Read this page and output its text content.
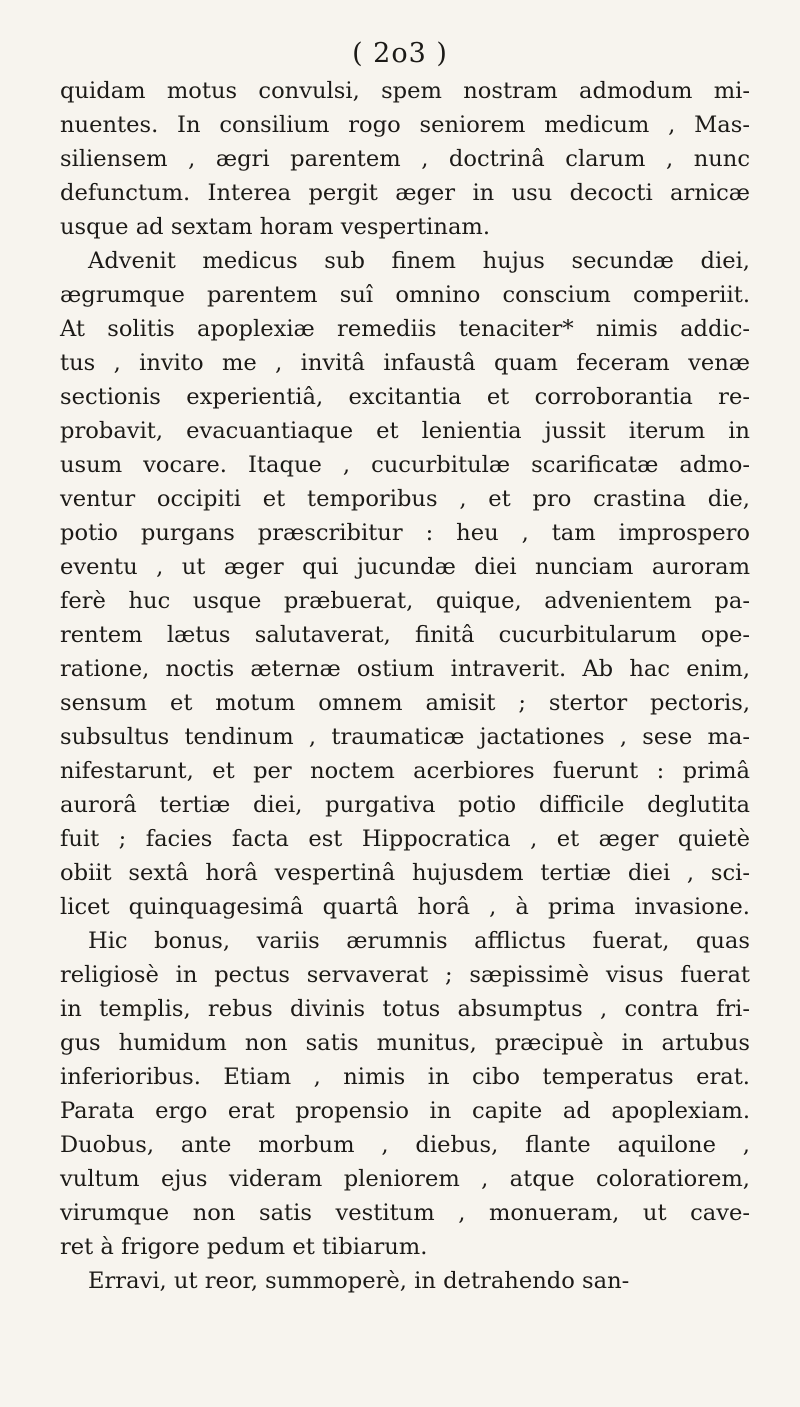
( 2o3 )
quidam motus convulsi, spem nostram admodum mi-
nuentes. In consilium rogo seniorem medicum , Mas-
siliensem , ægri parentem , doctrinâ clarum , nunc
defunctum. Interea pergit æger in usu decocti arnicæ
usque ad sextam horam vespertinam.
Advenit medicus sub finem hujus secundæ diei,
ægrumque parentem suî omnino conscium comperiit.
At solitis apoplexiæ remediis tenaciter* nimis addic-
tus , invito me , invitâ infaustâ quam feceram venæ
sectionis experientiâ, excitantia et corroborantia re-
probavit, evacuantiaque et lenientia jussit iterum in
usum vocare. Itaque , cucurbitulæ scarificatæ admo-
ventur occipiti et temporibus , et pro crastina die,
potio purgans præscribitur : heu , tam improspero
eventu , ut æger qui jucundæ diei nunciam auroram
ferè huc usque præbuerat, quique, advenientem pa-
rentem lætus salutaverat, finitâ cucurbitularum ope-
ratione, noctis æternæ ostium intraverit. Ab hac enim,
sensum et motum omnem amisit ; stertor pectoris,
subsultus tendinum , traumaticæ jactationes , sese ma-
nifestarunt, et per noctem acerbiores fuerunt : primâ
aurorâ tertiæ diei, purgativa potio difficile deglutita
fuit ; facies facta est Hippocratica , et æger quietè
obiit sextâ horâ vespertinâ hujusdem tertiæ diei , sci-
licet quinquagesimâ quartâ horâ , à prima invasione.
Hic bonus, variis ærumnis afflictus fuerat, quas
religiosè in pectus servaverat ; sæpissimè visus fuerat
in templis, rebus divinis totus absumptus , contra fri-
gus humidum non satis munitus, præcipuè in artubus
inferioribus. Etiam , nimis in cibo temperatus erat.
Parata ergo erat propensio in capite ad apoplexiam.
Duobus, ante morbum , diebus, flante aquilone ,
vultum ejus videram pleniorem , atque coloratiorem,
virumque non satis vestitum , monueram, ut cave-
ret à frigore pedum et tibiarum.
Erravi, ut reor, summoperè, in detrahendo san-
